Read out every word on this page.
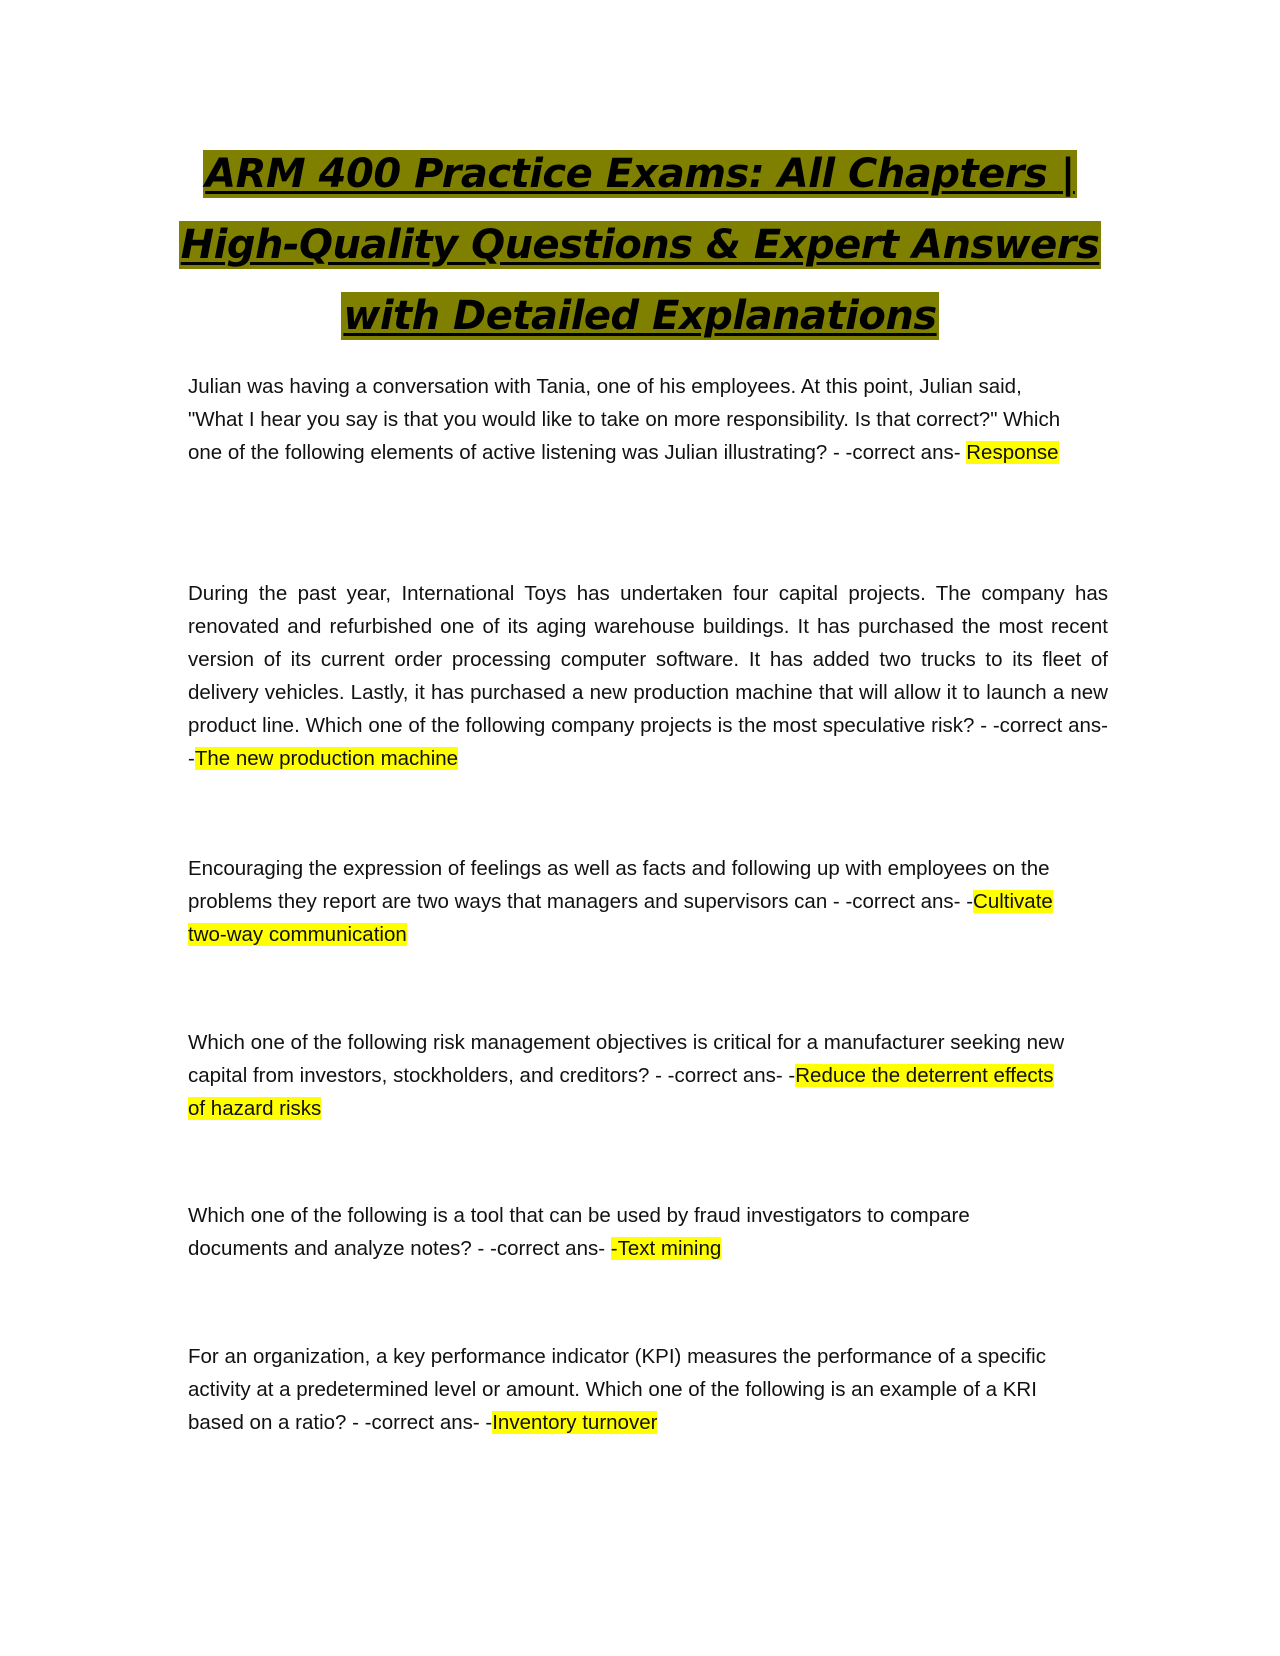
ARM 400 Practice Exams: All Chapters |
High-Quality Questions & Expert Answers
with Detailed Explanations

Julian was having a conversation with Tania, one of his employees. At this point, Julian said, "What I hear you say is that you would like to take on more responsibility. Is that correct?" Which one of the following elements of active listening was Julian illustrating? - -correct ans- Response

During the past year, International Toys has undertaken four capital projects. The company has renovated and refurbished one of its aging warehouse buildings. It has purchased the most recent version of its current order processing computer software. It has added two trucks to its fleet of delivery vehicles. Lastly, it has purchased a new production machine that will allow it to launch a new product line. Which one of the following company projects is the most speculative risk? - -correct ans- -The new production machine

Encouraging the expression of feelings as well as facts and following up with employees on the problems they report are two ways that managers and supervisors can - -correct ans- -Cultivate two-way communication

Which one of the following risk management objectives is critical for a manufacturer seeking new capital from investors, stockholders, and creditors? - -correct ans- -Reduce the deterrent effects of hazard risks

Which one of the following is a tool that can be used by fraud investigators to compare documents and analyze notes? - -correct ans- -Text mining

For an organization, a key performance indicator (KPI) measures the performance of a specific activity at a predetermined level or amount. Which one of the following is an example of a KRI based on a ratio? - -correct ans- -Inventory turnover
